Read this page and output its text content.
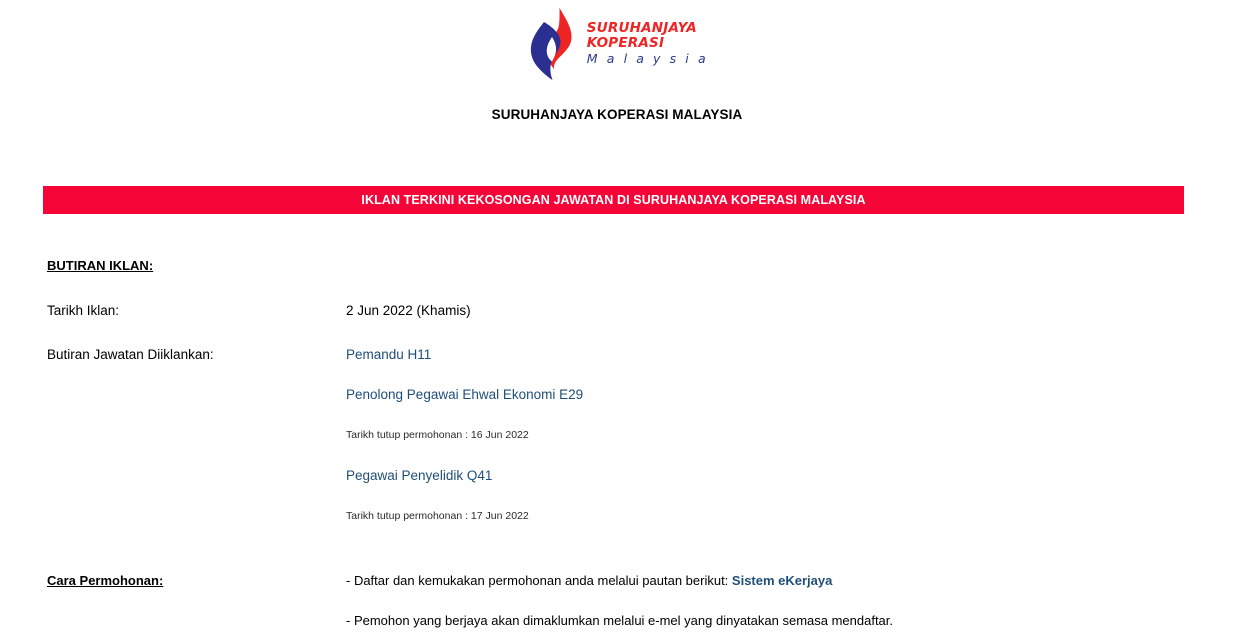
SURUHANJAYA
KOPERASI
M a l a y s i a
SURUHANJAYA KOPERASI MALAYSIA
IKLAN TERKINI KEKOSONGAN JAWATAN DI SURUHANJAYA KOPERASI MALAYSIA
BUTIRAN IKLAN:
Tarikh Iklan:	2 Jun 2022 (Khamis)
Butiran Jawatan Diiklankan:	Pemandu H11
Penolong Pegawai Ehwal Ekonomi E29
Tarikh tutup permohonan : 16 Jun 2022
Pegawai Penyelidik Q41
Tarikh tutup permohonan : 17 Jun 2022
Cara Permohonan:	- Daftar dan kemukakan permohonan anda melalui pautan berikut: Sistem eKerjaya
- Pemohon yang berjaya akan dimaklumkan melalui e-mel yang dinyatakan semasa mendaftar.
